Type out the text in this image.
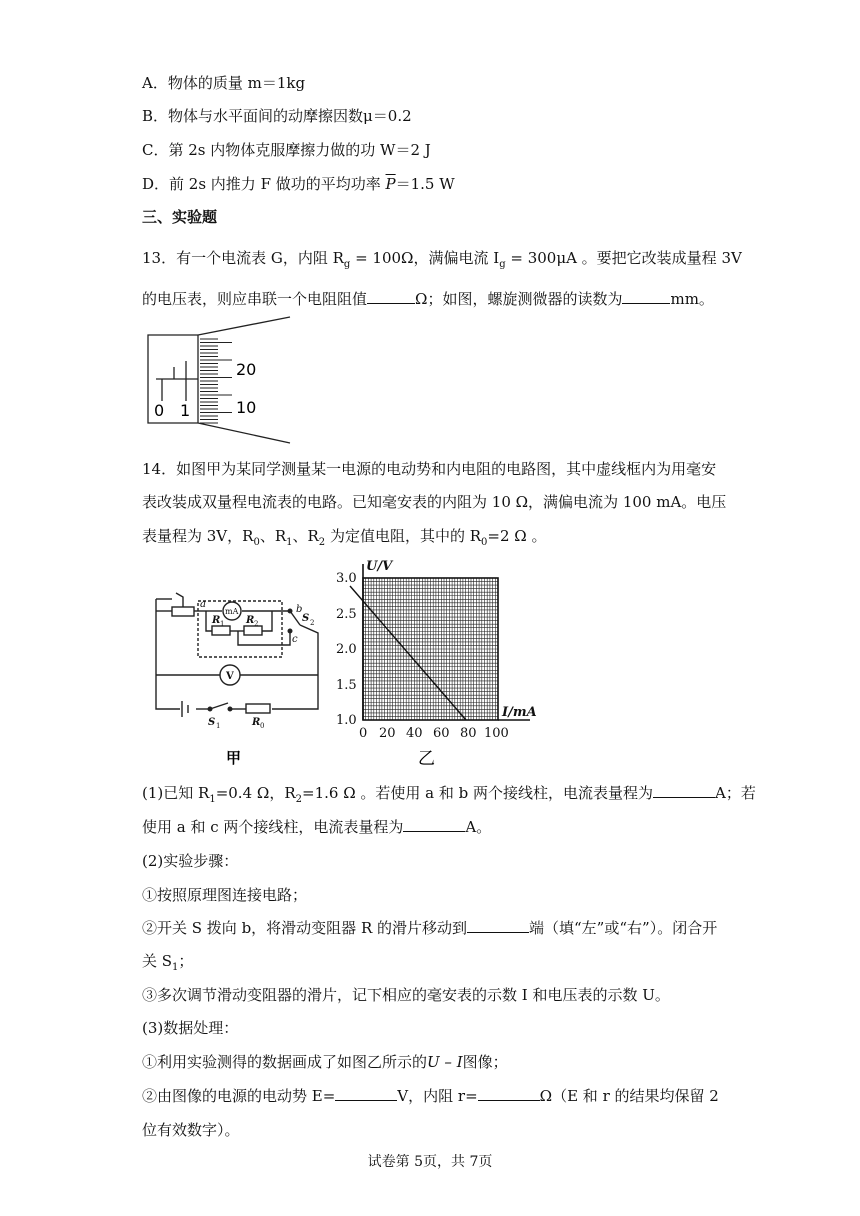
A．物体的质量 m＝1kg
B．物体与水平面间的动摩擦因数μ＝0.2
C．第 2s 内物体克服摩擦力做的功 W＝2 J
D．前 2s 内推力 F 做功的平均功率 $\overline{P}=1.5$ W
三、实验题
13．有一个电流表 G，内阻 $R_g = 100\Omega$，满偏电流 $I_g = 300\mu A$ 。要把它改装成量程 3V
的电压表，则应串联一个电阻阻值	Ω；如图，螺旋测微器的读数为	mm。
0 1
20
10
14．如图甲为某同学测量某一电源的电动势和内电阻的电路图，其中虚线框内为用毫安
表改装成双量程电流表的电路。已知毫安表的内阻为 10 Ω，满偏电流为 100 mA。电压
表量程为 3V，$R_0$、$R_1$、$R_2$ 为定值电阻，其中的 $R_0=2$ Ω 。
a	b
c
S 2
R 1 R 2
mA
V
S 1	R 0
甲
U/V
I/mA
3.0
2.5
2.0
1.5
1.0
0 20 40 60 80 100
乙
(1)已知 $R_1=0.4$ Ω，$R_2=1.6$ Ω 。若使用 a 和 b 两个接线柱，电流表量程为	A；若
使用 a 和 c 两个接线柱，电流表量程为	A。
(2)实验步骤：
①按照原理图连接电路；
②开关 S 拨向 b，将滑动变阻器 R 的滑片移动到	端（填“左”或“右”）。闭合开
关 $S_1$；
③多次调节滑动变阻器的滑片，记下相应的毫安表的示数 I 和电压表的示数 U。
(3)数据处理：
①利用实验测得的数据画成了如图乙所示的U – I图像；
②由图像的电源的电动势 E=	V，内阻 r=	Ω（E 和 r 的结果均保留 2
位有效数字）。
试卷第 5页，共 7页
